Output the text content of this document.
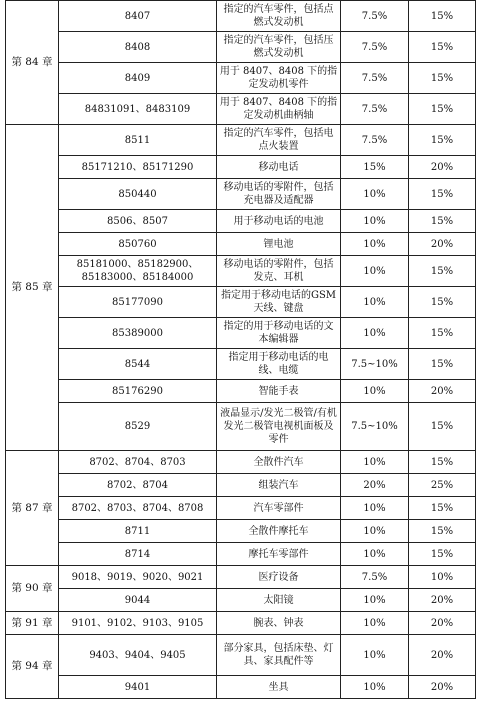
第 84 章	8407	指定的汽车零件，包括点燃式发动机	7.5%	15%
	8408	指定的汽车零件，包括压燃式发动机	7.5%	15%
	8409	用于 8407、8408 下的指定发动机零件	7.5%	15%
	84831091、8483109	用于 8407、8408 下的指定发动机曲柄轴	7.5%	15%
第 85 章	8511	指定的汽车零件，包括电点火装置	7.5%	15%
	85171210、85171290	移动电话	15%	20%
	850440	移动电话的零附件，包括充电器及适配器	10%	15%
	8506、8507	用于移动电话的电池	10%	15%
	850760	锂电池	10%	20%
	85181000、85182900、85183000、85184000	移动电话的零附件，包括发克、耳机	10%	15%
	85177090	指定用于移动电话的GSM 天线、键盘	10%	15%
	85389000	指定的用于移动电话的文本编辑器	10%	15%
	8544	指定用于移动电话的电线、电缆	7.5~10%	15%
	85176290	智能手表	10%	20%
	8529	液晶显示/发光二极管/有机发光二极管电视机面板及零件	7.5~10%	15%
第 87 章	8702、8704、8703	全散件汽车	10%	15%
	8702、8704	组装汽车	20%	25%
	8702、8703、8704、8708	汽车零部件	10%	15%
	8711	全散件摩托车	10%	15%
	8714	摩托车零部件	10%	15%
第 90 章	9018、9019、9020、9021	医疗设备	7.5%	10%
	9044	太阳镜	10%	20%
第 91 章	9101、9102、9103、9105	腕表、钟表	10%	20%
第 94 章	9403、9404、9405	部分家具，包括床垫、灯具、家具配件等	10%	20%
	9401	坐具	10%	20%
